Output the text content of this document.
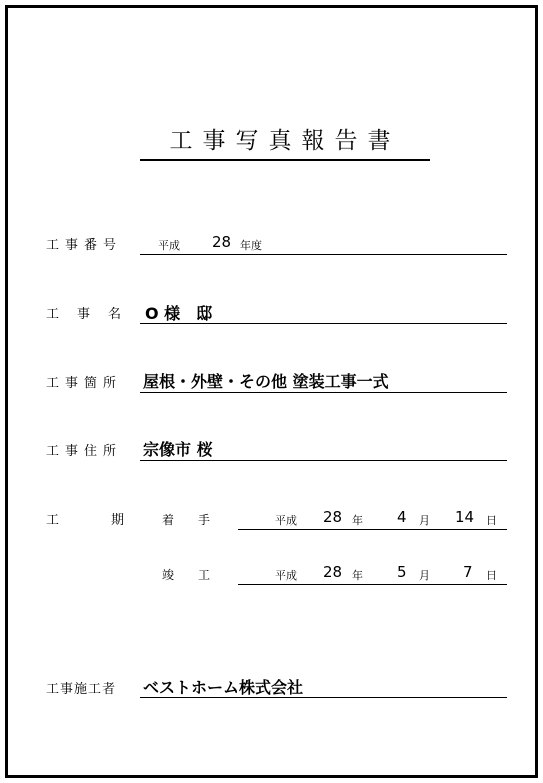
工事写真報告書
工事番号	平成 28 年度
工事名 O 様　邸
工事箇所 屋根・外壁・その他 塗装工事一式
工事住所 宗像市 桜
工期
着手	平成 28 年 4 月 14 日
竣工	平成 28 年 5 月 7 日
工事施工者 ベストホーム株式会社
